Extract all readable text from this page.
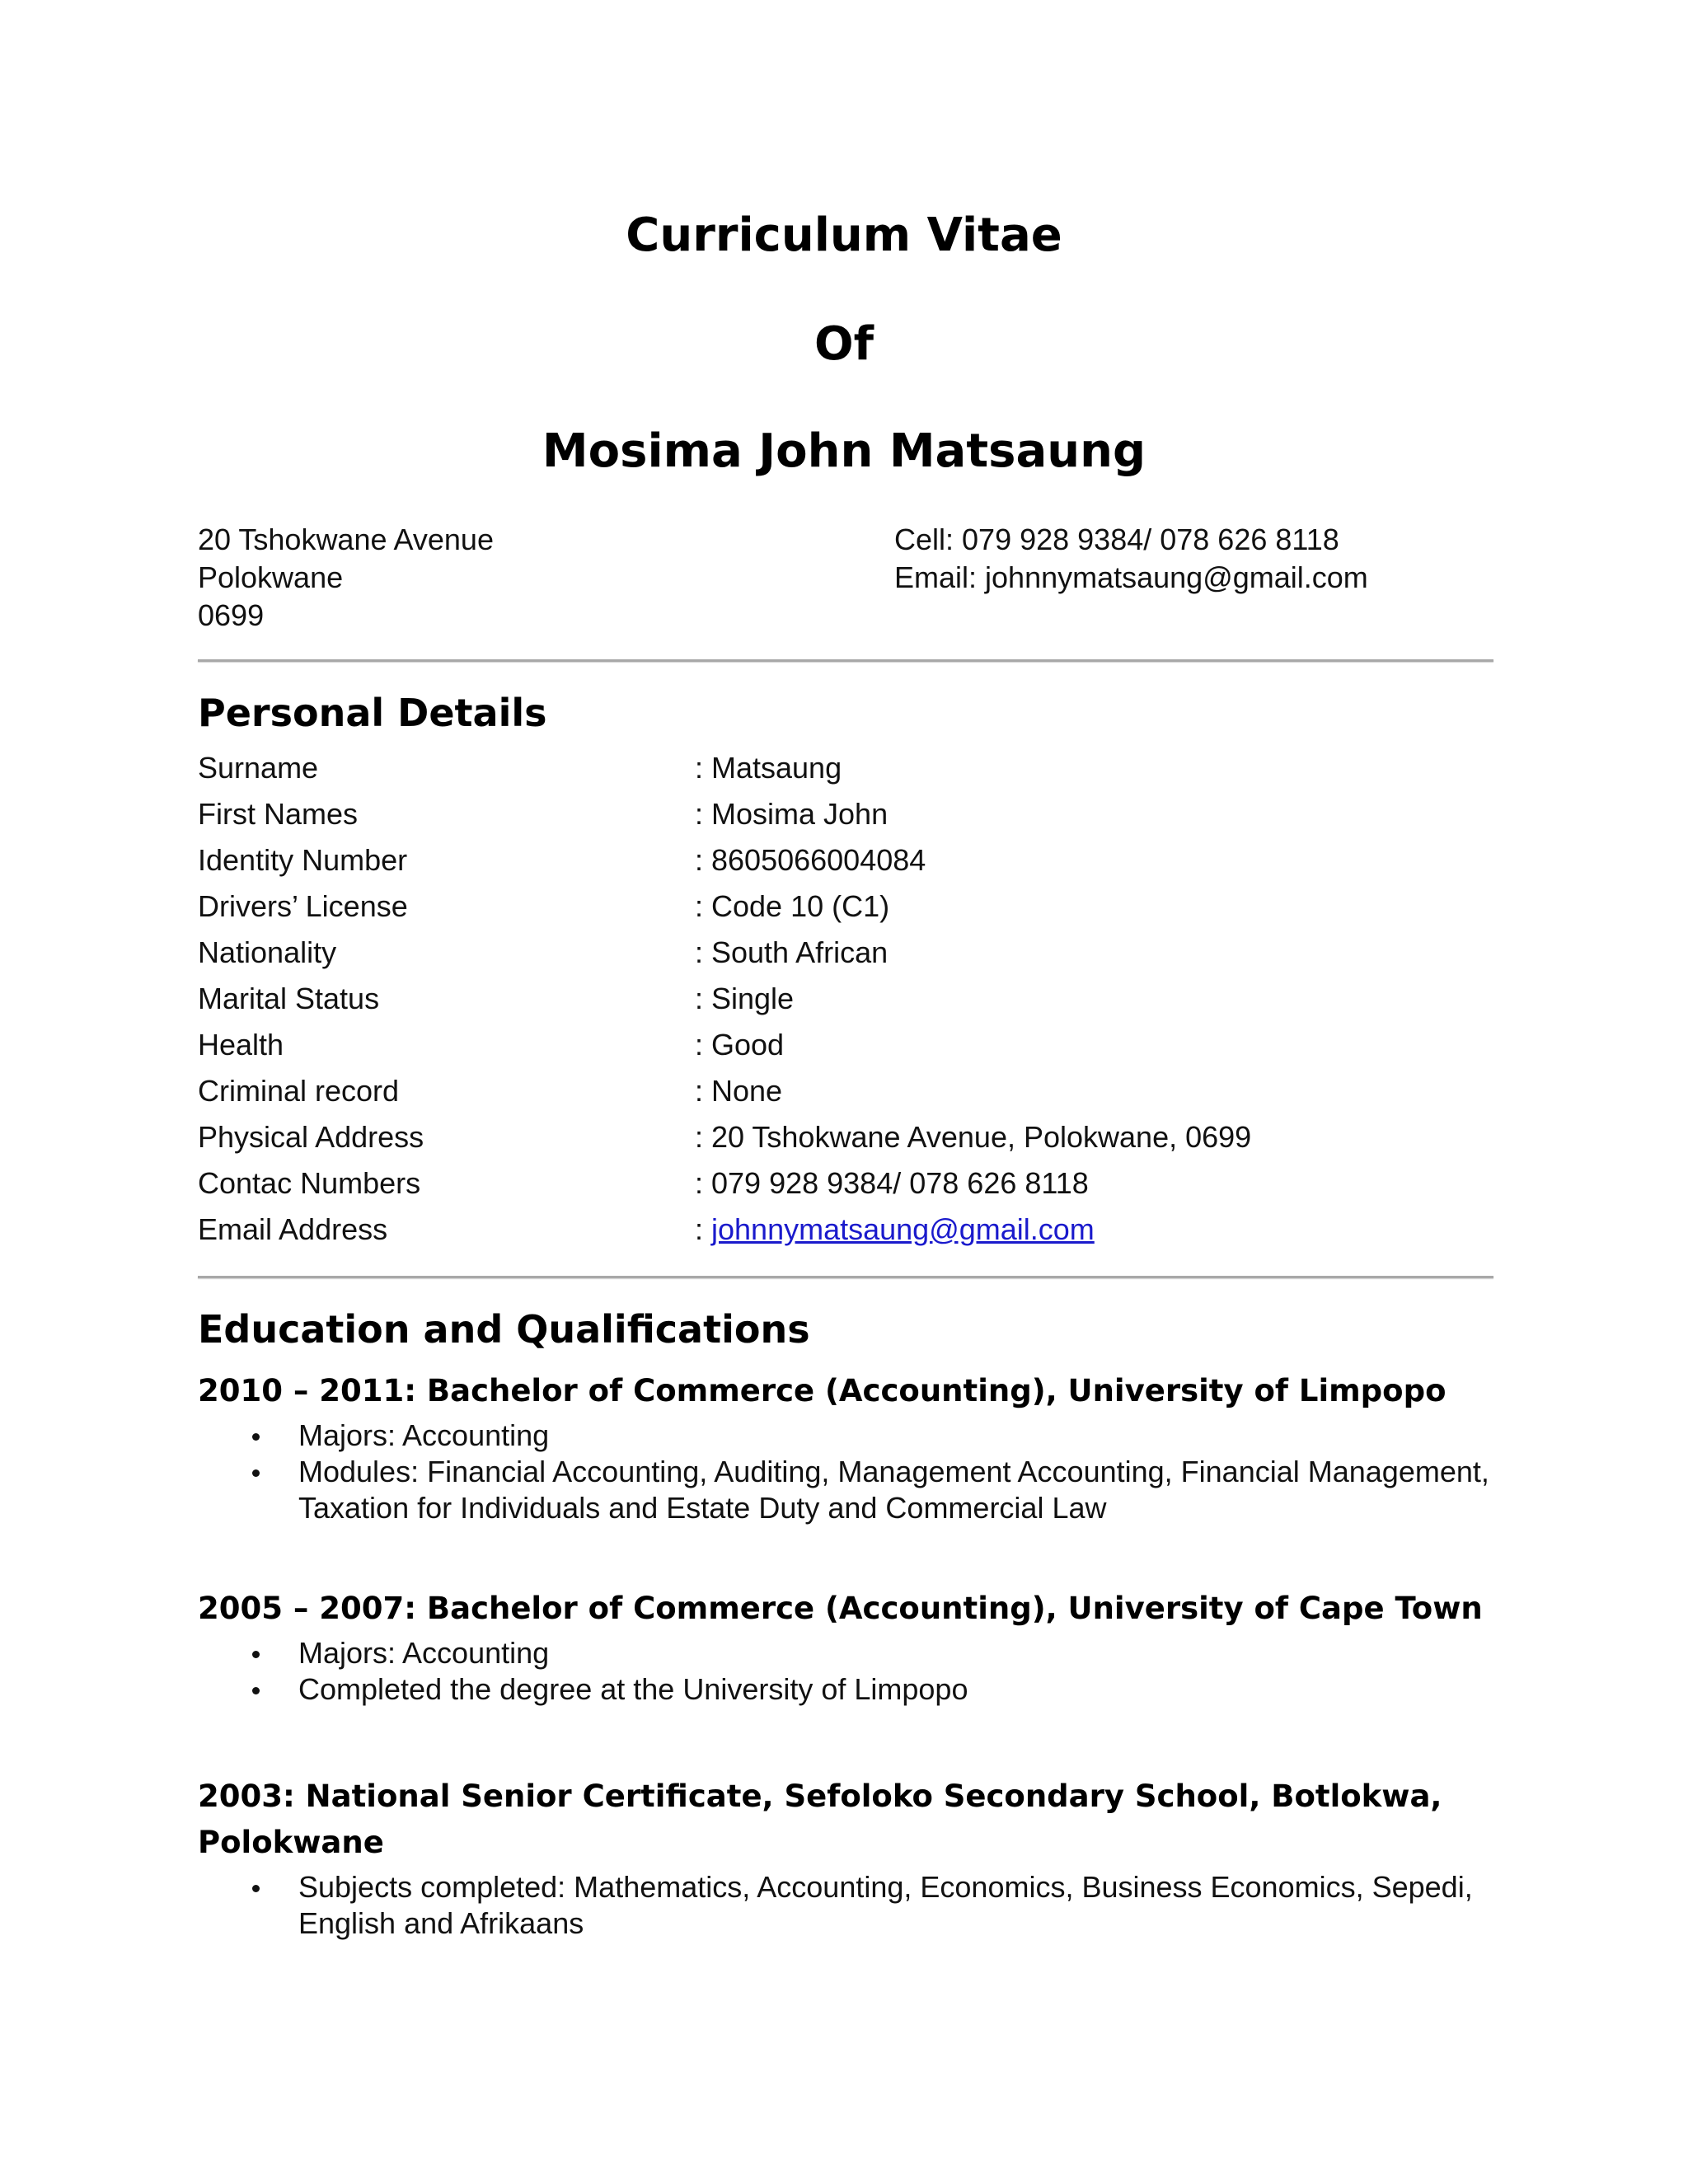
Curriculum Vitae
Of
Mosima John Matsaung
20 Tshokwane Avenue
Polokwane
0699
Cell: 079 928 9384/ 078 626 8118
Email: johnnymatsaung@gmail.com
Personal Details
Surname	: Matsaung
First Names	: Mosima John
Identity Number	: 8605066004084
Drivers’ License	: Code 10 (C1)
Nationality	: South African
Marital Status	: Single
Health	: Good
Criminal record	: None
Physical Address	: 20 Tshokwane Avenue, Polokwane, 0699
Contac Numbers	: 079 928 9384/ 078 626 8118
Email Address	: johnnymatsaung@gmail.com
Education and Qualifications
2010 – 2011: Bachelor of Commerce (Accounting), University of Limpopo
Majors: Accounting
Modules: Financial Accounting, Auditing, Management Accounting, Financial Management, Taxation for Individuals and Estate Duty and Commercial Law
2005 – 2007: Bachelor of Commerce (Accounting), University of Cape Town
Majors: Accounting
Completed the degree at the University of Limpopo
2003: National Senior Certificate, Sefoloko Secondary School, Botlokwa, Polokwane
Subjects completed: Mathematics, Accounting, Economics, Business Economics, Sepedi, English and Afrikaans
